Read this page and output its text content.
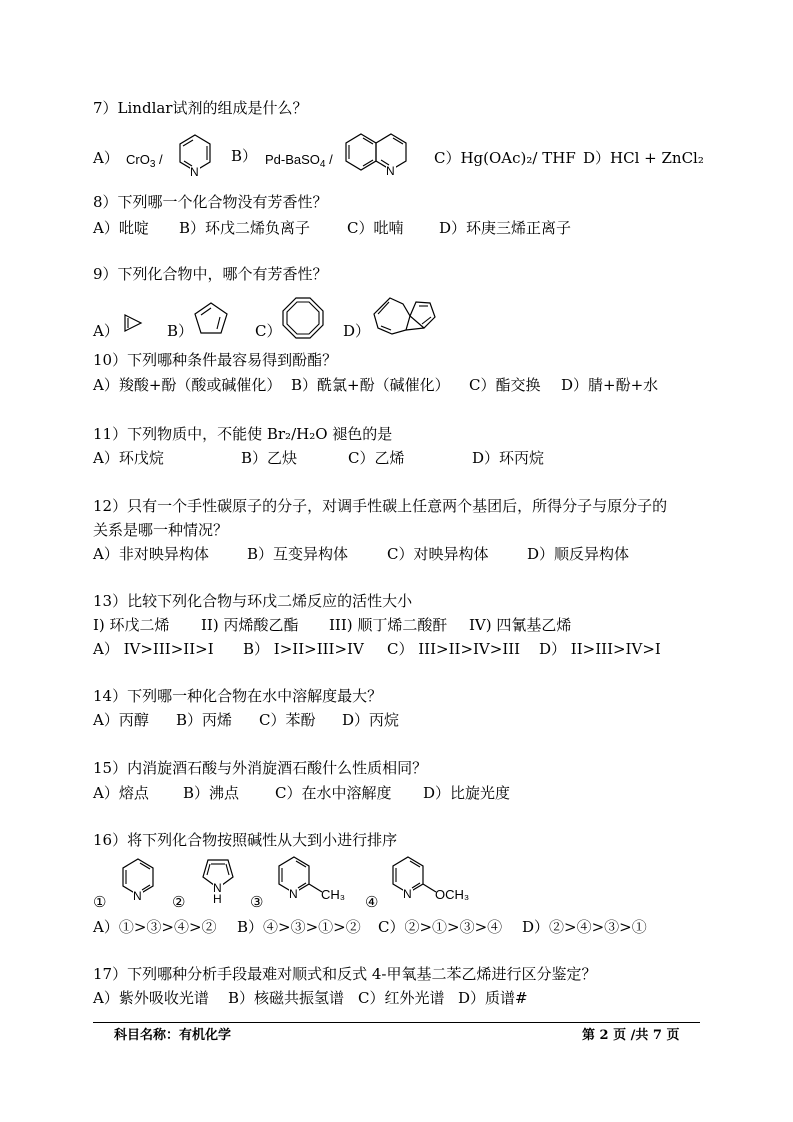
7）Lindlar试剂的组成是什么？
A） CrO$_3$ /
N
B） Pd-BaSO$_4$ /
N
C）Hg(OAc)₂/ THF D）HCl + ZnCl₂
8）下列哪一个化合物没有芳香性？
A）吡啶 B）环戊二烯负离子 C）吡喃 D）环庚三烯正离子
9）下列化合物中，哪个有芳香性？
A）	B）	C）	D）
10）下列哪种条件最容易得到酚酯？
A）羧酸+酚（酸或碱催化） B）酰氯+酚（碱催化） C）酯交换 D）腈+酚+水
11）下列物质中，不能使 Br₂/H₂O 褪色的是
A）环戊烷	B）乙炔	C）乙烯	D）环丙烷
12）只有一个手性碳原子的分子，对调手性碳上任意两个基团后，所得分子与原分子的
关系是哪一种情况？
A）非对映异构体	B）互变异构体	C）对映异构体	D）顺反异构体
13）比较下列化合物与环戊二烯反应的活性大小
I) 环戊二烯 II) 丙烯酸乙酯 III) 顺丁烯二酸酐 IV) 四氰基乙烯
A） IV>III>II>I B） I>II>III>IV C） III>II>IV>III D） II>III>IV>I
14）下列哪一种化合物在水中溶解度最大？
A）丙醇 B）丙烯 C）苯酚 D）丙烷
15）内消旋酒石酸与外消旋酒石酸什么性质相同？
A）熔点 B）沸点 C）在水中溶解度 D）比旋光度
16）将下列化合物按照碱性从大到小进行排序
① N ②
N
H ③ N CH₃ ④ N OCH₃
A）①>③>④>② B）④>③>①>② C）②>①>③>④ D）②>④>③>①
17）下列哪种分析手段最难对顺式和反式 4-甲氧基二苯乙烯进行区分鉴定？
A）紫外吸收光谱 B）核磁共振氢谱 C）红外光谱 D）质谱#
科目名称：有机化学	第 2 页 /共 7 页
